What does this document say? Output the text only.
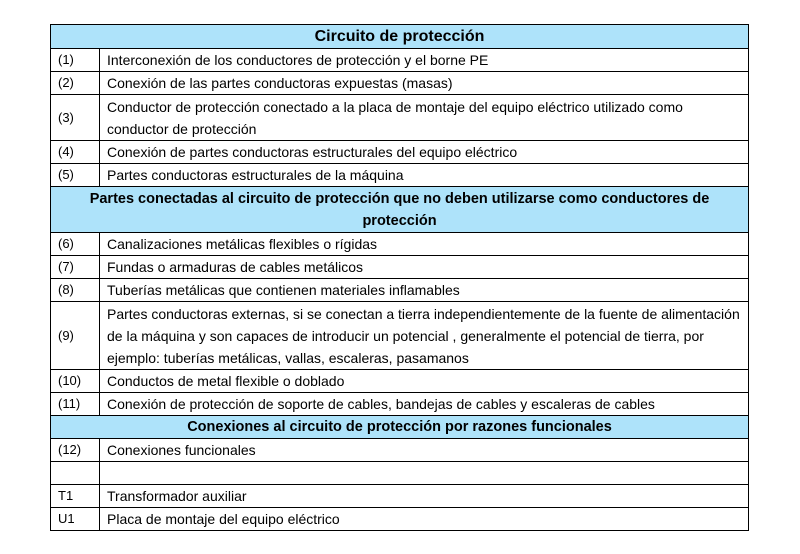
Circuito de protección	
(1)	Interconexión de los conductores de protección y el borne PE
(2)	Conexión de las partes conductoras expuestas (masas)
(3)	Conductor de protección conectado a la placa de montaje del equipo eléctrico utilizado como conductor de protección
(4)	Conexión de partes conductoras estructurales del equipo eléctrico
(5)	Partes conductoras estructurales de la máquina
Partes conectadas al circuito de protección que no deben utilizarse como conductores de protección	
(6)	Canalizaciones metálicas flexibles o rígidas
(7)	Fundas o armaduras de cables metálicos
(8)	Tuberías metálicas que contienen materiales inflamables
(9)	Partes conductoras externas, si se conectan a tierra independientemente de la fuente de alimentación de la máquina y son capaces de introducir un potencial , generalmente el potencial de tierra, por ejemplo: tuberías metálicas, vallas, escaleras, pasamanos
(10)	Conductos de metal flexible o doblado
(11)	Conexión de protección de soporte de cables, bandejas de cables y escaleras de cables
Conexiones al circuito de protección por razones funcionales	
(12)	Conexiones funcionales

T1	Transformador auxiliar
U1	Placa de montaje del equipo eléctrico
